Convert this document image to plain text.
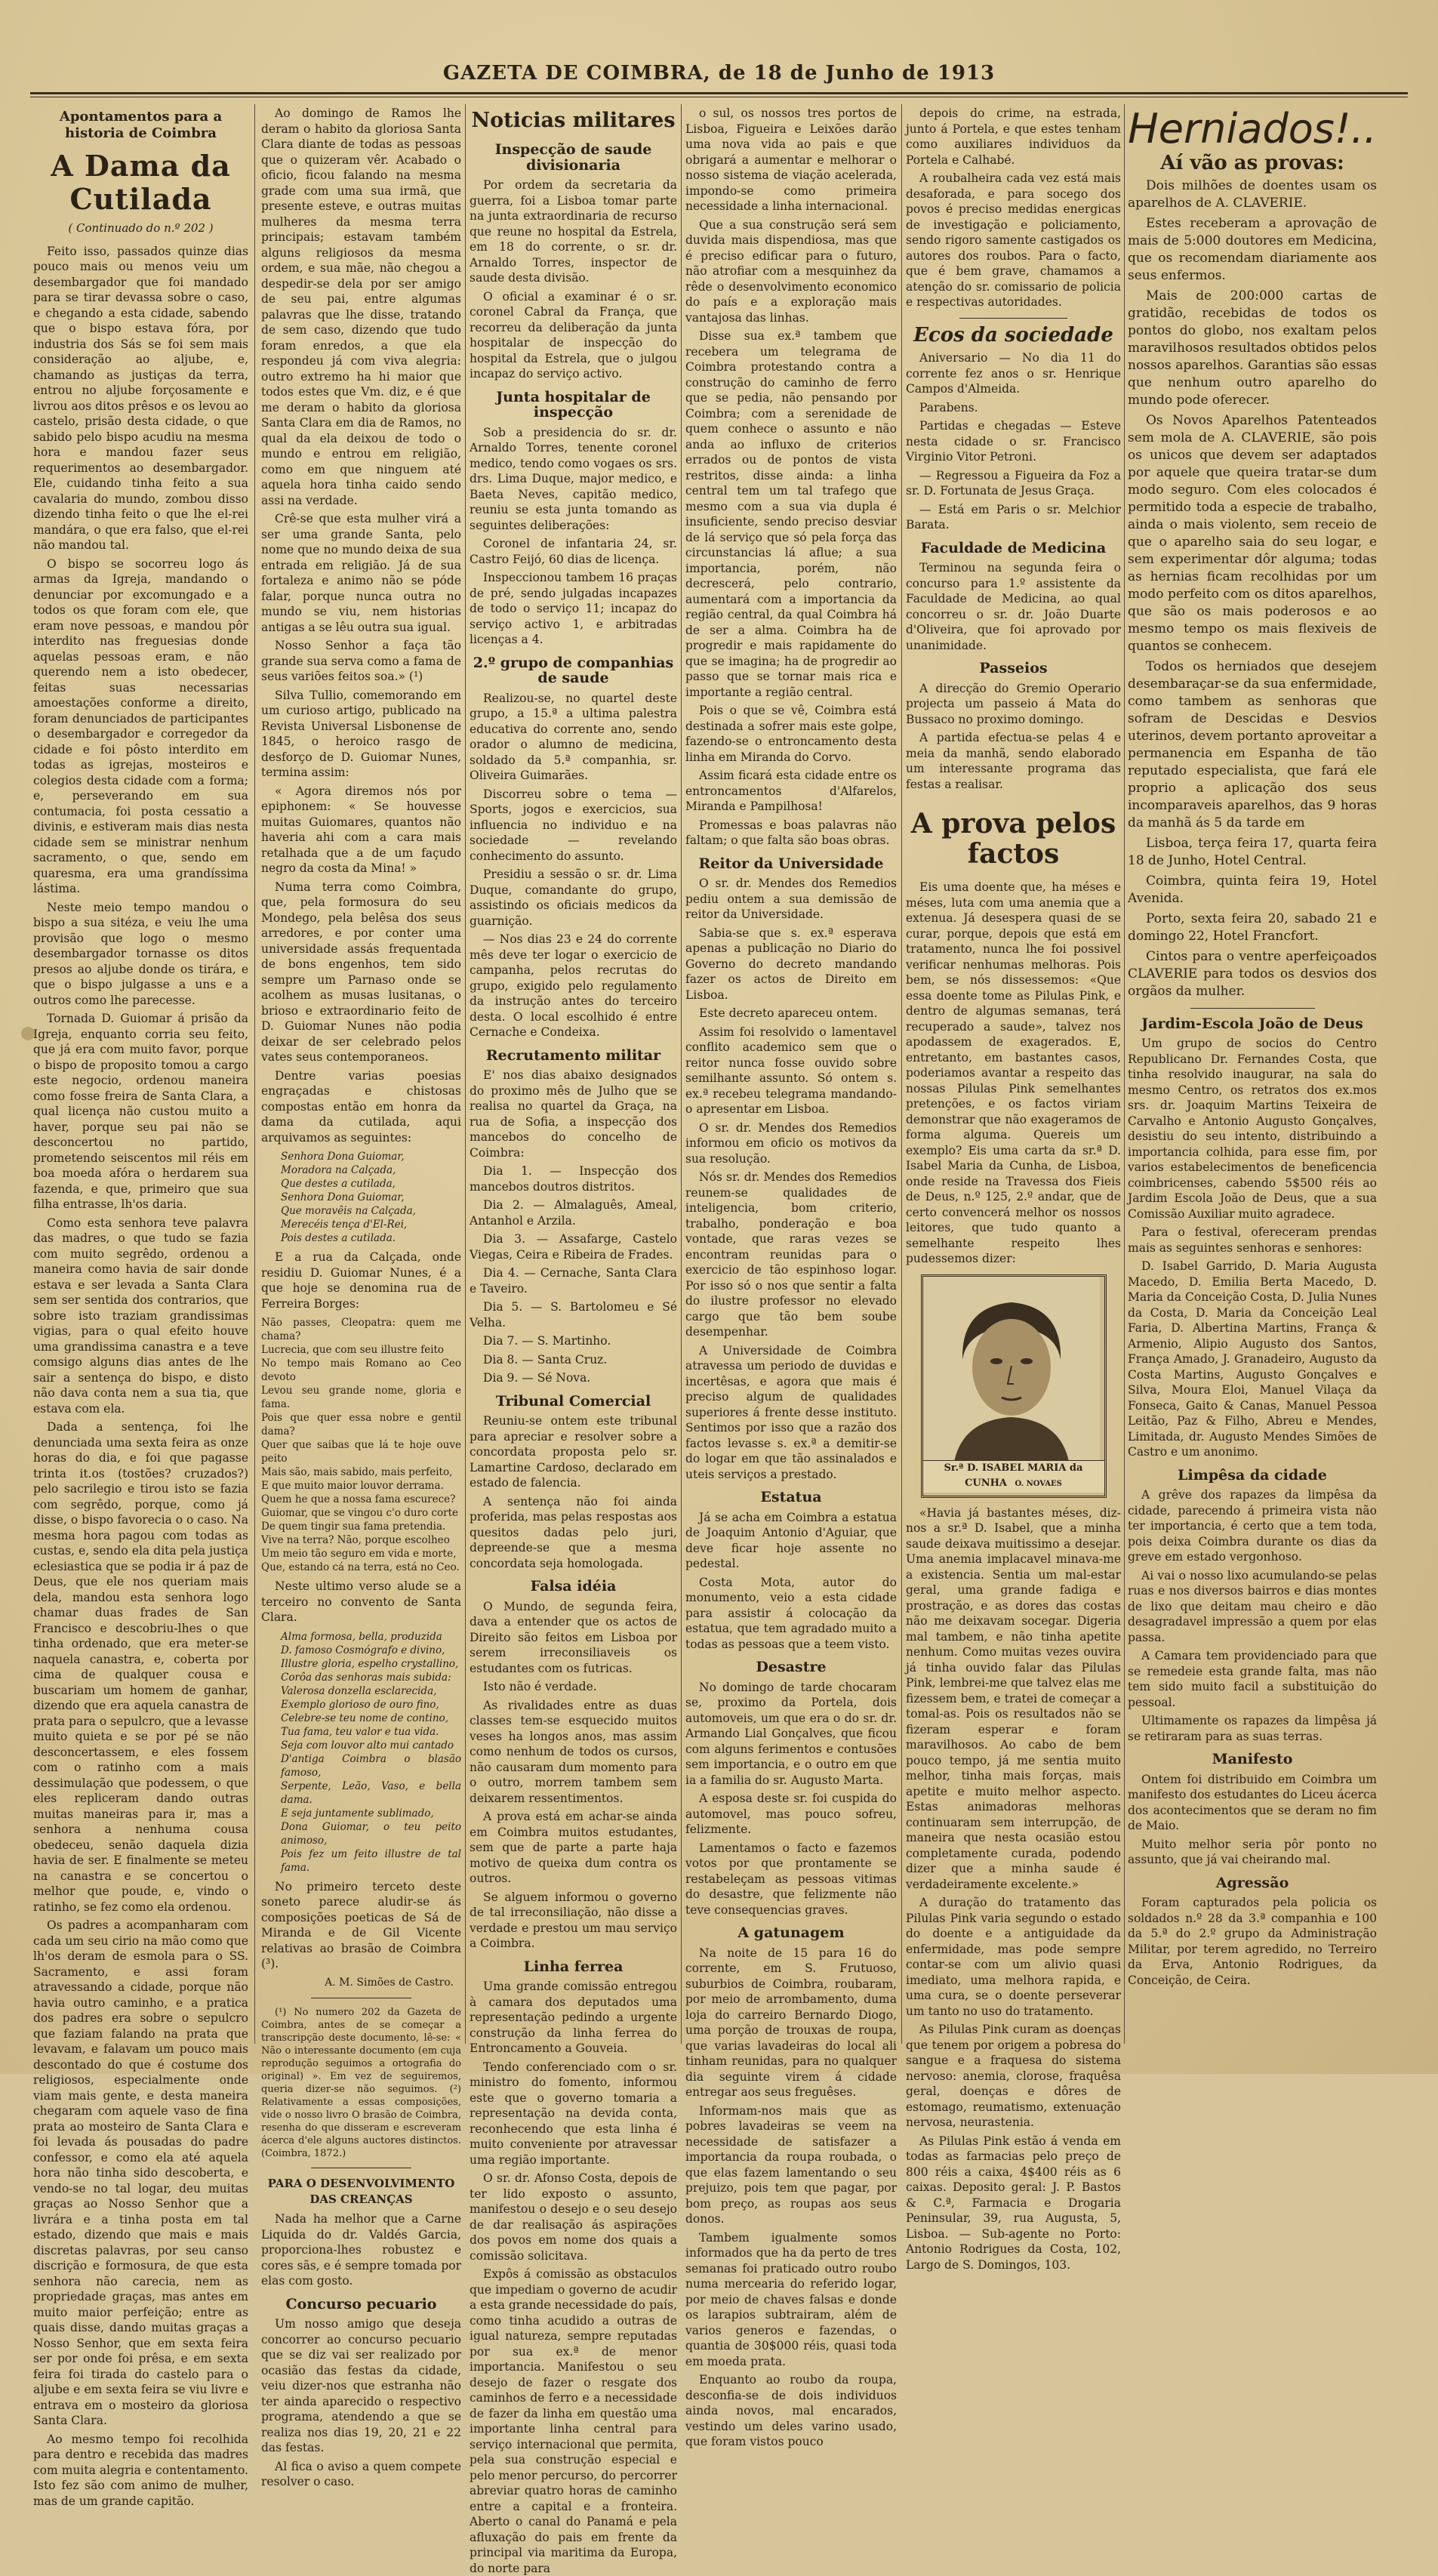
GAZETA DE COIMBRA, de 18 de Junho de 1913
Apontamentos para a historia de Coimbra
A Dama da Cutilada
( Continuado do n.º 202 )

Feito isso, passados quinze dias pouco mais ou menos veiu um desembargador que foi mandado para se tirar devassa sobre o caso, e chegando a esta cidade, sabendo que o bispo estava fóra, por industria dos Sás se foi sem mais consideração ao aljube, e, chamando as justiças da terra, entrou no aljube forçosamente e livrou aos ditos prêsos e os levou ao castelo, prisão desta cidade, o que sabido pelo bispo acudiu na mesma hora e mandou fazer seus requerimentos ao desembargador. Ele, cuidando tinha feito a sua cavalaria do mundo, zombou disso dizendo tinha feito o que lhe el-rei mandára, o que era falso, que el-rei não mandou tal.

O bispo se socorreu logo ás armas da Igreja, mandando o denunciar por excomungado e a todos os que foram com ele, que eram nove pessoas, e mandou pôr interdito nas freguesias donde aquelas pessoas eram, e não querendo nem a isto obedecer, feitas suas necessarias amoestações conforme a direito, foram denunciados de participantes o desembargador e corregedor da cidade e foi pôsto interdito em todas as igrejas, mosteiros e colegios desta cidade com a forma; e, perseverando em sua contumacia, foi posta cessatio a divinis, e estiveram mais dias nesta cidade sem se ministrar nenhum sacramento, o que, sendo em quaresma, era uma grandíssima lástima.

Neste meio tempo mandou o bispo a sua sitéza, e veiu lhe uma provisão que logo o mesmo desembargador tornasse os ditos presos ao aljube donde os tirára, e que o bispo julgasse a uns e a outros como lhe parecesse.

Tornada D. Guiomar á prisão da Igreja, enquanto corria seu feito, que já era com muito favor, porque o bispo de proposito tomou a cargo este negocio, ordenou maneira como fosse freira de Santa Clara, a qual licença não custou muito a haver, porque seu pai não se desconcertou no partido, prometendo seiscentos mil réis em boa moeda afóra o herdarem sua fazenda, e que, primeiro que sua filha entrasse, lh'os daria.

Como esta senhora teve palavra das madres, o que tudo se fazia com muito segrêdo, ordenou a maneira como havia de sair donde estava e ser levada a Santa Clara sem ser sentida dos contrarios, que sobre isto traziam grandissimas vigias, para o qual efeito houve uma grandissima canastra e a teve comsigo alguns dias antes de lhe sair a sentença do bispo, e disto não dava conta nem a sua tia, que estava com ela.

Dada a sentença, foi lhe denunciada uma sexta feira as onze horas do dia, e foi que pagasse trinta it.os (tostões? cruzados?) pelo sacrilegio e tirou isto se fazia com segrêdo, porque, como já disse, o bispo favorecia o o caso. Na mesma hora pagou com todas as custas, e, sendo ela dita pela justiça eclesiastica que se podia ir á paz de Deus, que ele nos queriam mais dela, mandou esta senhora logo chamar duas frades de San Francisco e descobriu-lhes o que tinha ordenado, que era meter-se naquela canastra, e, coberta por cima de qualquer cousa e buscariam um homem de ganhar, dizendo que era aquela canastra de prata para o sepulcro, que a levasse muito quieta e se por pé se não desconcertassem, e eles fossem com o ratinho com a mais dessimulação que podessem, o que eles repliceram dando outras muitas maneiras para ir, mas a senhora a nenhuma cousa obedeceu, senão daquela dizia havia de ser. E finalmente se meteu na canastra e se concertou o melhor que poude, e, vindo o ratinho, se fez como ela ordenou.

Os padres a acompanharam com cada um seu cirio na mão como que lh'os deram de esmola para o SS. Sacramento, e assi foram atravessando a cidade, porque não havia outro caminho, e a pratica dos padres era sobre o sepulcro que faziam falando na prata que levavam, e falavam um pouco mais descontado do que é costume dos religiosos, especialmente onde viam mais gente, e desta maneira chegaram com aquele vaso de fina prata ao mosteiro de Santa Clara e foi levada ás pousadas do padre confessor, e como ela até aquela hora não tinha sido descoberta, e vendo-se no tal logar, deu muitas graças ao Nosso Senhor que a livrára e a tinha posta em tal estado, dizendo que mais e mais discretas palavras, por seu canso discrição e formosura, de que esta senhora não carecia, nem as propriedade graças, mas antes em muito maior perfeição; entre as quais disse, dando muitas graças a Nosso Senhor, que em sexta feira ser por onde foi prêsa, e em sexta feira foi tirada do castelo para o aljube e em sexta feira se viu livre e entrava em o mosteiro da gloriosa Santa Clara.

Ao mesmo tempo foi recolhida para dentro e recebida das madres com muita alegria e contentamento. Isto fez são com animo de mulher, mas de um grande capitão.

Ao domingo de Ramos lhe deram o habito da gloriosa Santa Clara diante de todas as pessoas que o quizeram vêr. Acabado o oficio, ficou falando na mesma grade com uma sua irmã, que presente esteve, e outras muitas mulheres da mesma terra principais; estavam também alguns religiosos da mesma ordem, e sua mãe, não chegou a despedir-se dela por ser amigo de seu pai, entre algumas palavras que lhe disse, tratando de sem caso, dizendo que tudo foram enredos, a que ela respondeu já com viva alegria: outro extremo ha hi maior que todos estes que Vm. diz, e é que me deram o habito da gloriosa Santa Clara em dia de Ramos, no qual da ela deixou de todo o mundo e entrou em religião, como em que ninguem até aquela hora tinha caido sendo assi na verdade.

Crê-se que esta mulher virá a ser uma grande Santa, pelo nome que no mundo deixa de sua entrada em religião. Já de sua fortaleza e animo não se póde falar, porque nunca outra no mundo se viu, nem historias antigas a se lêu outra sua igual.

Nosso Senhor a faça tão grande sua serva como a fama de seus variões feitos soa.» (¹)

Silva Tullio, comemorando em um curioso artigo, publicado na Revista Universal Lisbonense de 1845, o heroico rasgo de desforço de D. Guiomar Nunes, termina assim:

« Agora diremos nós por epiphonem: « Se houvesse muitas Guiomares, quantos não haveria ahi com a cara mais retalhada que a de um façudo negro da costa da Mina! »

Numa terra como Coimbra, que, pela formosura do seu Mondego, pela belêsa dos seus arredores, e por conter uma universidade assás frequentada de bons engenhos, tem sido sempre um Parnaso onde se acolhem as musas lusitanas, o brioso e extraordinario feito de D. Guiomar Nunes não podia deixar de ser celebrado pelos vates seus contemporaneos.

Dentre varias poesias engraçadas e chistosas compostas então em honra da dama da cutilada, aqui arquivamos as seguintes:

Senhora Dona Guiomar,
Moradora na Calçada,
Que destes a cutilada,
Senhora Dona Guiomar,
Que moravêis na Calçada,
Merecéis tença d'El-Rei,
Pois destes a cutilada.

E a rua da Calçada, onde residiu D. Guiomar Nunes, é a que hoje se denomina rua de Ferreira Borges:

Não passes, Cleopatra: quem me chama?
Lucrecia, que com seu illustre feito
No tempo mais Romano ao Ceo devoto
Levou seu grande nome, gloria e fama.
Pois que quer essa nobre e gentil dama?
Quer que saibas que lá te hoje ouve peito
Mais são, mais sabido, mais perfeito,
E que muito maior louvor derrama.
Quem he que a nossa fama escurece?
Guiomar, que se vingou c'o duro corte
De quem tingir sua fama pretendia.
Vive na terra? Não, porque escolheo
Um meio tão seguro em vida e morte,
Que, estando cá na terra, está no Ceo.

Neste ultimo verso alude se a terceiro no convento de Santa Clara.

Alma formosa, bella, produzida
D. famoso Cosmógrafo e divino,
Illustre gloria, espelho crystallino,
Corôa das senhoras mais subida:
Valerosa donzella esclarecida,
Exemplo glorioso de ouro fino,
Celebre-se teu nome de contino,
Tua fama, teu valor e tua vida.
Seja com louvor alto mui cantado
D'antiga Coimbra o blasão famoso,
Serpente, Leão, Vaso, e bella dama.
E seja juntamente sublimado,
Dona Guiomar, o teu peito animoso,
Pois fez um feito illustre de tal fama.

No primeiro terceto deste soneto parece aludir-se ás composições poeticas de Sá de Miranda e de Gil Vicente relativas ao brasão de Coimbra (³).

A. M. Simões de Castro.

(¹) No numero 202 da Gazeta de Coimbra, antes de se começar a transcripção deste documento, lê-se: « Não o interessante documento (em cuja reprodução seguimos a ortografia do original) ». Em vez de seguiremos, queria dizer-se não seguimos. (²) Relativamente a essas composições, vide o nosso livro O brasão de Coimbra, resenha do que disseram e escreveram ácerca d'ele alguns auctores distinctos. (Coimbra, 1872.)

PARA O DESENVOLVIMENTO DAS CREANÇAS

Nada ha melhor que a Carne Liquida do dr. Valdés Garcia, proporciona-lhes robustez e cores sãs, e é sempre tomada por elas com gosto.

Concurso pecuario

Um nosso amigo que deseja concorrer ao concurso pecuario que se diz vai ser realizado por ocasião das festas da cidade, veiu dizer-nos que estranha não ter ainda aparecido o respectivo programa, atendendo a que se realiza nos dias 19, 20, 21 e 22 das festas.

Al fica o aviso a quem compete resolver o caso.

Noticias militares
Inspecção de saude divisionaria

Por ordem da secretaria da guerra, foi a Lisboa tomar parte na junta extraordinaria de recurso que reune no hospital da Estrela, em 18 do corrente, o sr. dr. Arnaldo Torres, inspector de saude desta divisão.

O oficial a examinar é o sr. coronel Cabral da França, que recorreu da deliberação da junta hospitalar de inspecção do hospital da Estrela, que o julgou incapaz do serviço activo.

Junta hospitalar de inspecção

Sob a presidencia do sr. dr. Arnaldo Torres, tenente coronel medico, tendo como vogaes os srs. drs. Lima Duque, major medico, e Baeta Neves, capitão medico, reuniu se esta junta tomando as seguintes deliberações:

Coronel de infantaria 24, sr. Castro Feijó, 60 dias de licença.

Inspeccionou tambem 16 praças de pré, sendo julgadas incapazes de todo o serviço 11; incapaz do serviço activo 1, e arbitradas licenças a 4.

2.º grupo de companhias de saude

Realizou-se, no quartel deste grupo, a 15.ª a ultima palestra educativa do corrente ano, sendo orador o alumno de medicina, soldado da 5.ª companhia, sr. Oliveira Guimarães.

Discorreu sobre o tema — Sports, jogos e exercicios, sua influencia no individuo e na sociedade — revelando conhecimento do assunto.

Presidiu a sessão o sr. dr. Lima Duque, comandante do grupo, assistindo os oficiais medicos da guarnição.

— Nos dias 23 e 24 do corrente mês deve ter logar o exercicio de campanha, pelos recrutas do grupo, exigido pelo regulamento da instrução antes do terceiro desta. O local escolhido é entre Cernache e Condeixa.

Recrutamento militar

E' nos dias abaixo designados do proximo mês de Julho que se realisa no quartel da Graça, na rua de Sofia, a inspecção dos mancebos do concelho de Coimbra:

Dia 1. — Inspecção dos mancebos doutros distritos.

Dia 2. — Almalaguês, Ameal, Antanhol e Arzila.

Dia 3. — Assafarge, Castelo Viegas, Ceira e Ribeira de Frades.

Dia 4. — Cernache, Santa Clara e Taveiro.

Dia 5. — S. Bartolomeu e Sé Velha.

Dia 7. — S. Martinho.

Dia 8. — Santa Cruz.

Dia 9. — Sé Nova.

Tribunal Comercial

Reuniu-se ontem este tribunal para apreciar e resolver sobre a concordata proposta pelo sr. Lamartine Cardoso, declarado em estado de falencia.

A sentença não foi ainda proferida, mas pelas respostas aos quesitos dadas pelo juri, depreende-se que a mesma concordata seja homologada.

Falsa idéia

O Mundo, de segunda feira, dava a entender que os actos de Direito são feitos em Lisboa por serem irreconsiliaveis os estudantes com os futricas.

Isto não é verdade.

As rivalidades entre as duas classes tem-se esquecido muitos veses ha longos anos, mas assim como nenhum de todos os cursos, não causaram dum momento para o outro, morrem tambem sem deixarem ressentimentos.

A prova está em achar-se ainda em Coimbra muitos estudantes, sem que de parte a parte haja motivo de queixa dum contra os outros.

Se alguem informou o governo de tal irreconsiliação, não disse a verdade e prestou um mau serviço a Coimbra.

Linha ferrea

Uma grande comissão entregou à camara dos deputados uma representação pedindo a urgente construção da linha ferrea do Entroncamento a Gouveia.

Tendo conferenciado com o sr. ministro do fomento, informou este que o governo tomaria a representação na devida conta, reconhecendo que esta linha é muito conveniente por atravessar uma região importante.

O sr. dr. Afonso Costa, depois de ter lido exposto o assunto, manifestou o desejo e o seu desejo de dar realisação ás aspirações dos povos em nome dos quais a comissão solicitava.

Expôs á comissão as obstaculos que impediam o governo de acudir a esta grande necessidade do país, como tinha acudido a outras de igual natureza, sempre reputadas por sua ex.ª de menor importancia. Manifestou o seu desejo de fazer o resgate dos caminhos de ferro e a necessidade de fazer da linha em questão uma importante linha central para serviço internacional que permita, pela sua construção especial e pelo menor percurso, do percorrer abreviar quatro horas de caminho entre a capital e a fronteira. Aberto o canal do Panamá e pela afluxação do pais em frente da principal via maritima da Europa, do norte para

o sul, os nossos tres portos de Lisboa, Figueira e Leixões darão uma nova vida ao pais e que obrigará a aumentar e melhorar o nosso sistema de viação acelerada, impondo-se como primeira necessidade a linha internacional.

Que a sua construção será sem duvida mais dispendiosa, mas que é preciso edificar para o futuro, não atrofiar com a mesquinhez da rêde o desenvolvimento economico do país e a exploração mais vantajosa das linhas.

Disse sua ex.ª tambem que recebera um telegrama de Coimbra protestando contra a construção do caminho de ferro que se pedia, não pensando por Coimbra; com a serenidade de quem conhece o assunto e não anda ao influxo de criterios errados ou de pontos de vista restritos, disse ainda: a linha central tem um tal trafego que mesmo com a sua via dupla é insuficiente, sendo preciso desviar de lá serviço que só pela força das circunstancias lá aflue; a sua importancia, porém, não decrescerá, pelo contrario, aumentará com a importancia da região central, da qual Coimbra há de ser a alma. Coimbra ha de progredir e mais rapidamente do que se imagina; ha de progredir ao passo que se tornar mais rica e importante a região central.

Pois o que se vê, Coimbra está destinada a sofrer mais este golpe, fazendo-se o entroncamento desta linha em Miranda do Corvo.

Assim ficará esta cidade entre os entroncamentos d'Alfarelos, Miranda e Pampilhosa!

Promessas e boas palavras não faltam; o que falta são boas obras.

Reitor da Universidade

O sr. dr. Mendes dos Remedios pediu ontem a sua demissão de reitor da Universidade.

Sabia-se que s. ex.ª esperava apenas a publicação no Diario do Governo do decreto mandando fazer os actos de Direito em Lisboa.

Este decreto apareceu ontem.

Assim foi resolvido o lamentavel conflito academico sem que o reitor nunca fosse ouvido sobre semilhante assunto. Só ontem s. ex.ª recebeu telegrama mandando-o apresentar em Lisboa.

O sr. dr. Mendes dos Remedios informou em oficio os motivos da sua resolução.

Nós sr. dr. Mendes dos Remedios reunem-se qualidades de inteligencia, bom criterio, trabalho, ponderação e boa vontade, que raras vezes se encontram reunidas para o exercicio de tão espinhoso logar. Por isso só o nos que sentir a falta do ilustre professor no elevado cargo que tão bem soube desempenhar.

A Universidade de Coimbra atravessa um periodo de duvidas e incertêsas, e agora que mais é preciso algum de qualidades superiores á frente desse instituto. Sentimos por isso que a razão dos factos levasse s. ex.ª a demitir-se do logar em que tão assinalados e uteis serviços a prestado.

Estatua

Já se acha em Coimbra a estatua de Joaquim Antonio d'Aguiar, que deve ficar hoje assente no pedestal.

Costa Mota, autor do monumento, veio a esta cidade para assistir á colocação da estatua, que tem agradado muito a todas as pessoas que a teem visto.

Desastre

No domingo de tarde chocaram se, proximo da Portela, dois automoveis, um que era o do sr. dr. Armando Lial Gonçalves, que ficou com alguns ferimentos e contusões sem importancia, e o outro em que ia a familia do sr. Augusto Marta.

A esposa deste sr. foi cuspida do automovel, mas pouco sofreu, felizmente.

Lamentamos o facto e fazemos votos por que prontamente se restabeleçam as pessoas vitimas do desastre, que felizmente não teve consequencias graves.

A gatunagem

Na noite de 15 para 16 do corrente, em S. Frutuoso, suburbios de Coimbra, roubaram, por meio de arrombamento, duma loja do carreiro Bernardo Diogo, uma porção de trouxas de roupa, que varias lavadeiras do local ali tinham reunidas, para no qualquer dia seguinte virem á cidade entregar aos seus freguêses.

Informam-nos mais que as pobres lavadeiras se veem na necessidade de satisfazer a importancia da roupa roubada, o que elas fazem lamentando o seu prejuizo, pois tem que pagar, por bom preço, as roupas aos seus donos.

Tambem igualmente somos informados que ha da perto de tres semanas foi praticado outro roubo numa mercearia do referido logar, por meio de chaves falsas e donde os larapios subtrairam, além de varios generos e fazendas, o quantia de 30$000 réis, quasi toda em moeda prata.

Enquanto ao roubo da roupa, desconfia-se de dois individuos ainda novos, mal encarados, vestindo um deles varino usado, que foram vistos pouco

depois do crime, na estrada, junto á Portela, e que estes tenham como auxiliares individuos da Portela e Calhabé.

A roubalheira cada vez está mais desaforada, e para socego dos povos é preciso medidas energicas de investigação e policiamento, sendo rigoro samente castigados os autores dos roubos. Para o facto, que é bem grave, chamamos a atenção do sr. comissario de policia e respectivas autoridades.

Ecos da sociedade

Aniversario — No dia 11 do corrente fez anos o sr. Henrique Campos d'Almeida.

Parabens.

Partidas e chegadas — Esteve nesta cidade o sr. Francisco Virginio Vitor Petroni.

— Regressou a Figueira da Foz a sr. D. Fortunata de Jesus Graça.

— Está em Paris o sr. Melchior Barata.

Faculdade de Medicina

Terminou na segunda feira o concurso para 1.º assistente da Faculdade de Medicina, ao qual concorreu o sr. dr. João Duarte d'Oliveira, que foi aprovado por unanimidade.

Passeios

A direcção do Gremio Operario projecta um passeio á Mata do Bussaco no proximo domingo.

A partida efectua-se pelas 4 e meia da manhã, sendo elaborado um interessante programa das festas a realisar.

A prova pelos factos

Eis uma doente que, ha méses e méses, luta com uma anemia que a extenua. Já desespera quasi de se curar, porque, depois que está em tratamento, nunca lhe foi possivel verificar nenhumas melhoras. Pois bem, se nós dissessemos: «Que essa doente tome as Pilulas Pink, e dentro de algumas semanas, terá recuperado a saude», talvez nos apodassem de exagerados. E, entretanto, em bastantes casos, poderiamos avantar a respeito das nossas Pilulas Pink semelhantes pretenções, e os factos viriam demonstrar que não exageramos de forma alguma. Quereis um exemplo? Eis uma carta da sr.ª D. Isabel Maria da Cunha, de Lisboa, onde reside na Travessa dos Fieis de Deus, n.º 125, 2.º andar, que de certo convencerá melhor os nossos leitores, que tudo quanto a semelhante respeito lhes pudessemos dizer:

Sr.ª D. ISABEL MARIA da CUNHA O. NOVAES

«Havia já bastantes méses, diz-nos a sr.ª D. Isabel, que a minha saude deixava muitissimo a desejar. Uma anemia implacavel minava-me a existencia. Sentia um mal-estar geral, uma grande fadiga e prostração, e as dores das costas não me deixavam socegar. Digeria mal tambem, e não tinha apetite nenhum. Como muitas vezes ouvira já tinha ouvido falar das Pilulas Pink, lembrei-me que talvez elas me fizessem bem, e tratei de começar a tomal-as. Pois os resultados não se fizeram esperar e foram maravilhosos. Ao cabo de bem pouco tempo, já me sentia muito melhor, tinha mais forças, mais apetite e muito melhor aspecto. Estas animadoras melhoras continuaram sem interrupção, de maneira que nesta ocasião estou completamente curada, podendo dizer que a minha saude é verdadeiramente excelente.»

A duração do tratamento das Pilulas Pink varia segundo o estado do doente e a antiguidade da enfermidade, mas pode sempre contar-se com um alivio quasi imediato, uma melhora rapida, e uma cura, se o doente perseverar um tanto no uso do tratamento.

As Pilulas Pink curam as doenças que tenem por origem a pobresa do sangue e a fraquesa do sistema nervoso: anemia, clorose, fraquêsa geral, doenças e dôres de estomago, reumatismo, extenuação nervosa, neurastenia.

As Pilulas Pink estão á venda em todas as farmacias pelo preço de 800 réis a caixa, 4$400 réis as 6 caixas. Deposito geral: J. P. Bastos & C.ª, Farmacia e Drogaria Peninsular, 39, rua Augusta, 5, Lisboa. — Sub-agente no Porto: Antonio Rodrigues da Costa, 102, Largo de S. Domingos, 103.

Herniados!..
Aí vão as provas:

Dois milhões de doentes usam os aparelhos de A. CLAVERIE.

Estes receberam a aprovação de mais de 5:000 doutores em Medicina, que os recomendam diariamente aos seus enfermos.

Mais de 200:000 cartas de gratidão, recebidas de todos os pontos do globo, nos exaltam pelos maravilhosos resultados obtidos pelos nossos aparelhos. Garantias são essas que nenhum outro aparelho do mundo pode oferecer.

Os Novos Aparelhos Patenteados sem mola de A. CLAVERIE, são pois os unicos que devem ser adaptados por aquele que queira tratar-se dum modo seguro. Com eles colocados é permitido toda a especie de trabalho, ainda o mais violento, sem receio de que o aparelho saia do seu logar, e sem experimentar dôr alguma; todas as hernias ficam recolhidas por um modo perfeito com os ditos aparelhos, que são os mais poderosos e ao mesmo tempo os mais flexiveis de quantos se conhecem.

Todos os herniados que desejem desembaraçar-se da sua enfermidade, como tambem as senhoras que sofram de Descidas e Desvios uterinos, devem portanto aproveitar a permanencia em Espanha de tão reputado especialista, que fará ele proprio a aplicação dos seus incomparaveis aparelhos, das 9 horas da manhã ás 5 da tarde em

Lisboa, terça feira 17, quarta feira 18 de Junho, Hotel Central.

Coimbra, quinta feira 19, Hotel Avenida.

Porto, sexta feira 20, sabado 21 e domingo 22, Hotel Francfort.

Cintos para o ventre aperfeiçoados CLAVERIE para todos os desvios dos orgãos da mulher.

Jardim-Escola João de Deus

Um grupo de socios do Centro Republicano Dr. Fernandes Costa, que tinha resolvido inaugurar, na sala do mesmo Centro, os retratos dos ex.mos srs. dr. Joaquim Martins Teixeira de Carvalho e Antonio Augusto Gonçalves, desistiu do seu intento, distribuindo a importancia colhida, para esse fim, por varios estabelecimentos de beneficencia coimbricenses, cabendo 5$500 réis ao Jardim Escola João de Deus, que a sua Comissão Auxiliar muito agradece.

Para o festival, ofereceram prendas mais as seguintes senhoras e senhores:

D. Isabel Garrido, D. Maria Augusta Macedo, D. Emilia Berta Macedo, D. Maria da Conceição Costa, D. Julia Nunes da Costa, D. Maria da Conceição Leal Faria, D. Albertina Martins, França & Armenio, Alipio Augusto dos Santos, França Amado, J. Granadeiro, Augusto da Costa Martins, Augusto Gonçalves e Silva, Moura Eloi, Manuel Vilaça da Fonseca, Gaito & Canas, Manuel Pessoa Leitão, Paz & Filho, Abreu e Mendes, Limitada, dr. Augusto Mendes Simões de Castro e um anonimo.

Limpêsa da cidade

A grêve dos rapazes da limpêsa da cidade, parecendo á primeira vista não ter importancia, é certo que a tem toda, pois deixa Coimbra durante os dias da greve em estado vergonhoso.

Ai vai o nosso lixo acumulando-se pelas ruas e nos diversos bairros e dias montes de lixo que deitam mau cheiro e dão desagradavel impressão a quem por elas passa.

A Camara tem providenciado para que se remedeie esta grande falta, mas não tem sido muito facil a substituição do pessoal.

Ultimamente os rapazes da limpêsa já se retiraram para as suas terras.

Manifesto

Ontem foi distribuido em Coimbra um manifesto dos estudantes do Liceu ácerca dos acontecimentos que se deram no fim de Maio.

Muito melhor seria pôr ponto no assunto, que já vai cheirando mal.

Agressão

Foram capturados pela policia os soldados n.º 28 da 3.ª companhia e 100 da 5.ª do 2.º grupo da Administração Militar, por terem agredido, no Terreiro da Erva, Antonio Rodrigues, da Conceição, de Ceira.
